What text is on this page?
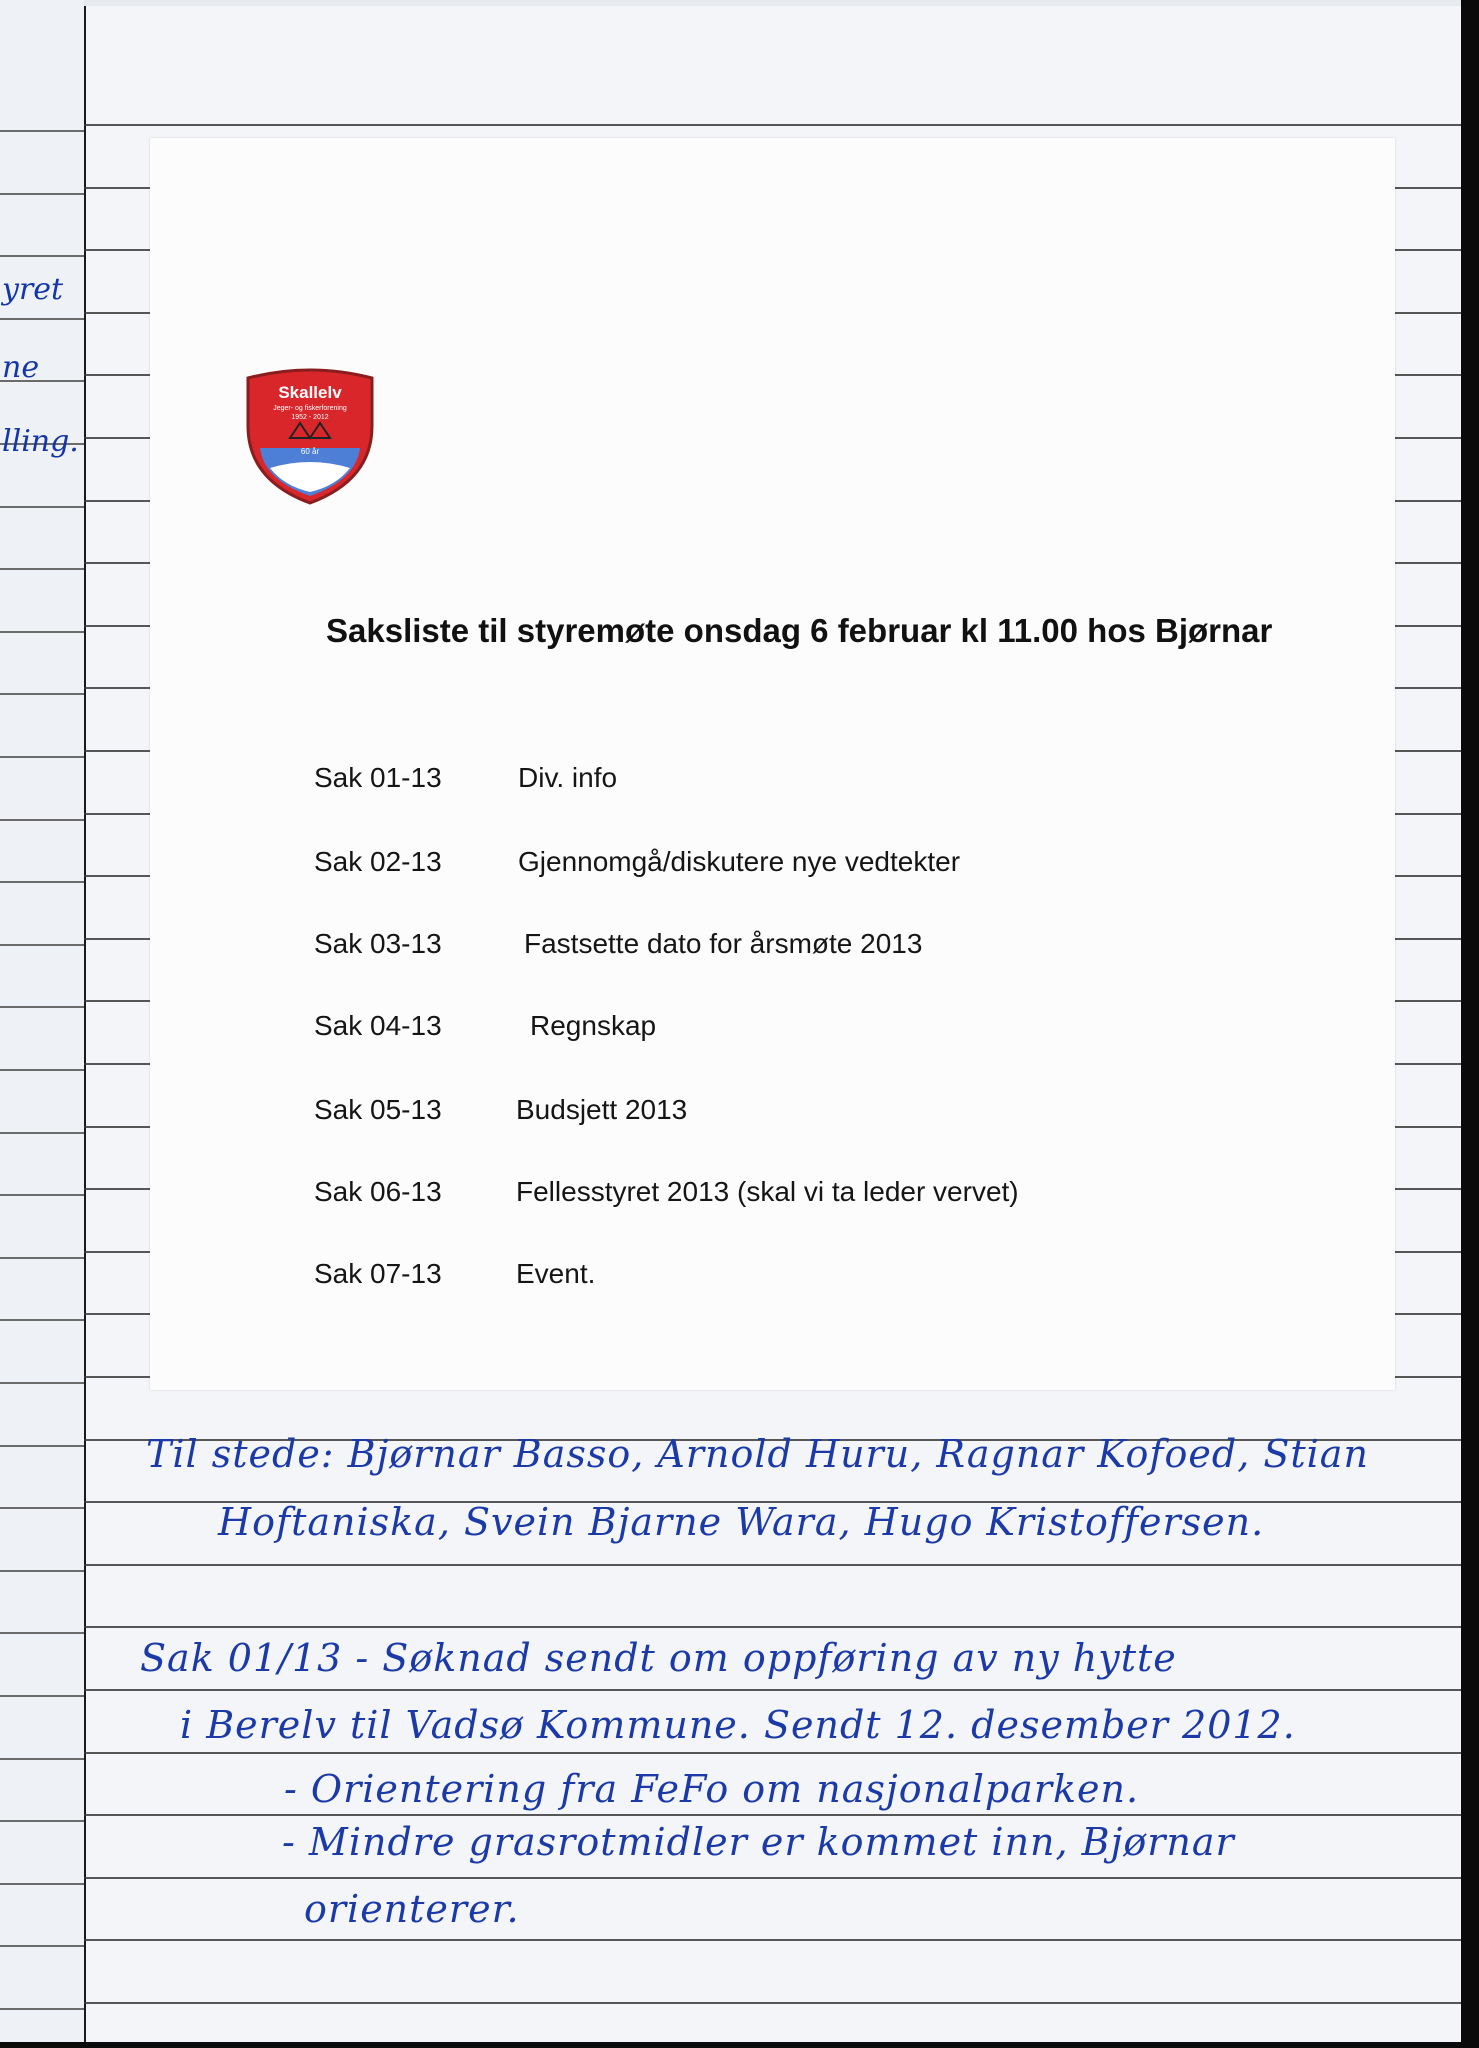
yret
ne
lling.
Skallelv
Jeger- og fiskerforening
1952 - 2012
60 år
Saksliste til styremøte onsdag 6 februar kl 11.00 hos Bjørnar
Sak 01-13	Div. info
Sak 02-13	Gjennomgå/diskutere nye vedtekter
Sak 03-13	Fastsette dato for årsmøte 2013
Sak 04-13	Regnskap
Sak 05-13	Budsjett 2013
Sak 06-13	Fellesstyret 2013 (skal vi ta leder vervet)
Sak 07-13	Event.
Til stede: Bjørnar Basso, Arnold Huru, Ragnar Kofoed, Stian
Hoftaniska, Svein Bjarne Wara, Hugo Kristoffersen.
Sak 01/13 - Søknad sendt om oppføring av ny hytte
i Berelv til Vadsø Kommune. Sendt 12. desember 2012.
- Orientering fra FeFo om nasjonalparken.
- Mindre grasrotmidler er kommet inn, Bjørnar
orienterer.
